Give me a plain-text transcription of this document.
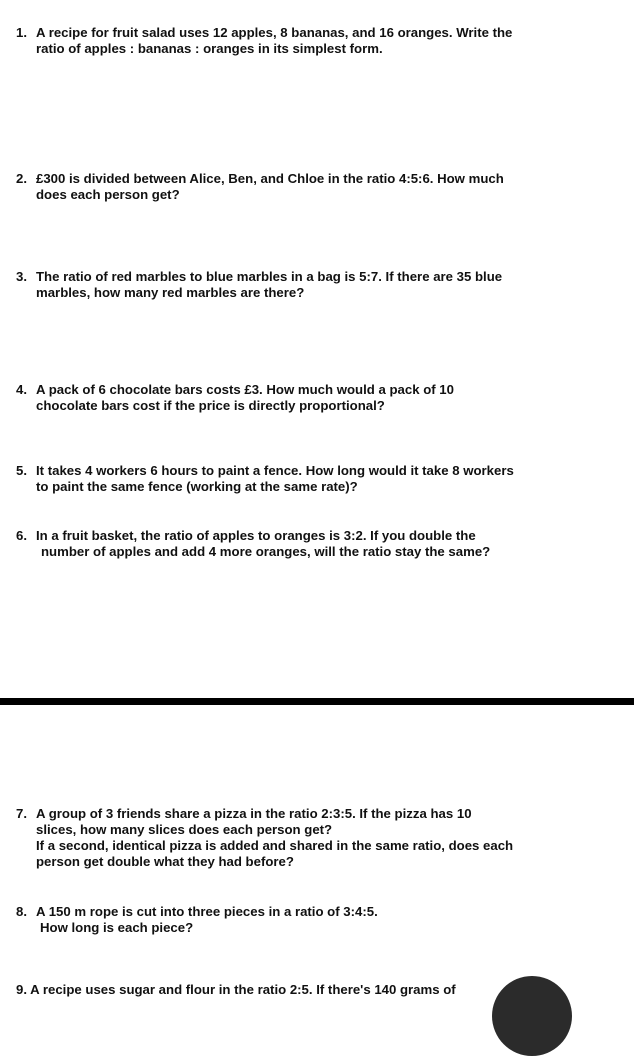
1. A recipe for fruit salad uses 12 apples, 8 bananas, and 16 oranges. Write the
ratio of apples : bananas : oranges in its simplest form.
2. £300 is divided between Alice, Ben, and Chloe in the ratio 4:5:6. How much
does each person get?
3. The ratio of red marbles to blue marbles in a bag is 5:7. If there are 35 blue
marbles, how many red marbles are there?
4. A pack of 6 chocolate bars costs £3. How much would a pack of 10
chocolate bars cost if the price is directly proportional?
5. It takes 4 workers 6 hours to paint a fence. How long would it take 8 workers
to paint the same fence (working at the same rate)?
6. In a fruit basket, the ratio of apples to oranges is 3:2. If you double the
number of apples and add 4 more oranges, will the ratio stay the same?
7. A group of 3 friends share a pizza in the ratio 2:3:5. If the pizza has 10
slices, how many slices does each person get?
If a second, identical pizza is added and shared in the same ratio, does each
person get double what they had before?
8. A 150 m rope is cut into three pieces in a ratio of 3:4:5.
How long is each piece?
9. A recipe uses sugar and flour in the ratio 2:5. If there's 140 grams of
